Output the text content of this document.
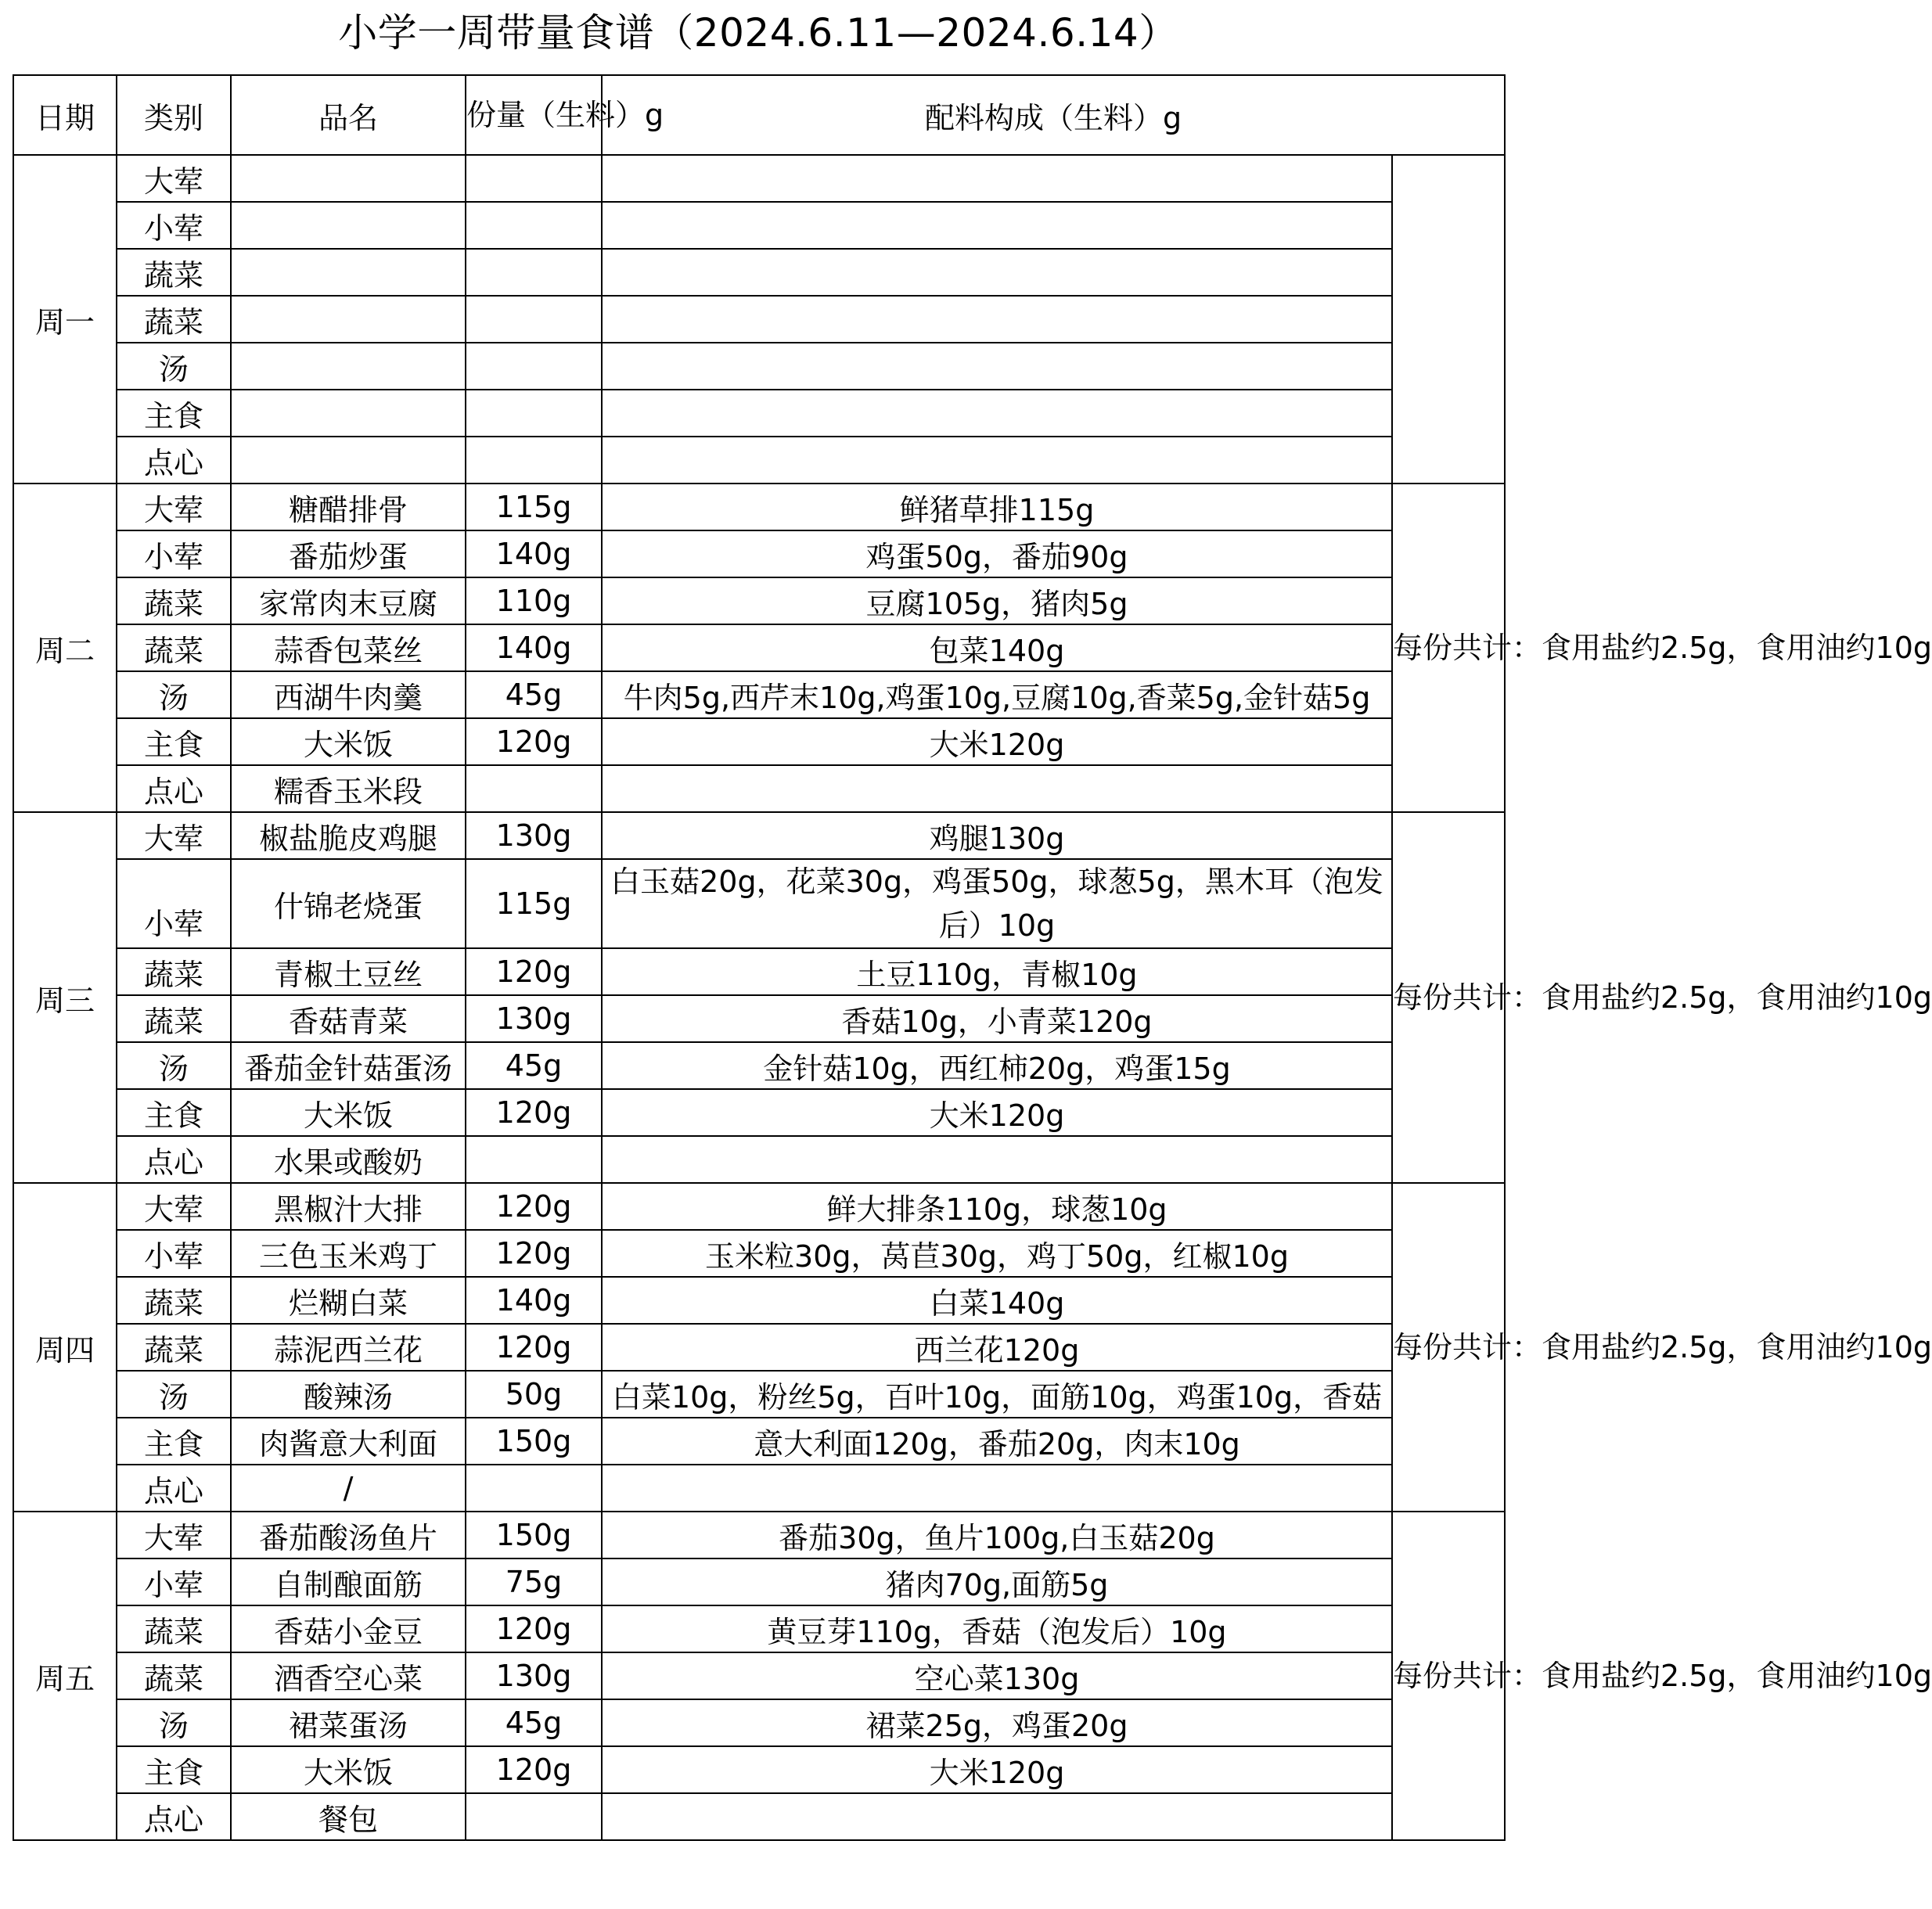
小学一周带量食谱（2024.6.11—2024.6.14）
日期	类别	品名	份量（生料）g	配料构成（生料）g	
周一	大荤				
	小荤				
	蔬菜				
	蔬菜				
	汤				
	主食				
	点心				
周二	大荤	糖醋排骨	115g	鲜猪草排115g	每份共计：食用盐约2.5g，食用油约10g
	小荤	番茄炒蛋	140g	鸡蛋50g，番茄90g	
	蔬菜	家常肉末豆腐	110g	豆腐105g，猪肉5g	
	蔬菜	蒜香包菜丝	140g	包菜140g	
	汤	西湖牛肉羹	45g	牛肉5g,西芹末10g,鸡蛋10g,豆腐10g,香菜5g,金针菇5g	
	主食	大米饭	120g	大米120g	
	点心	糯香玉米段			
周三	大荤	椒盐脆皮鸡腿	130g	鸡腿130g	每份共计：食用盐约2.5g，食用油约10g
	小荤	什锦老烧蛋	115g	白玉菇20g，花菜30g，鸡蛋50g，球葱5g，黑木耳（泡发后）10g	
	蔬菜	青椒土豆丝	120g	土豆110g，青椒10g	
	蔬菜	香菇青菜	130g	香菇10g，小青菜120g	
	汤	番茄金针菇蛋汤	45g	金针菇10g，西红柿20g，鸡蛋15g	
	主食	大米饭	120g	大米120g	
	点心	水果或酸奶			
周四	大荤	黑椒汁大排	120g	鲜大排条110g，球葱10g	每份共计：食用盐约2.5g，食用油约10g
	小荤	三色玉米鸡丁	120g	玉米粒30g，莴苣30g，鸡丁50g，红椒10g	
	蔬菜	烂糊白菜	140g	白菜140g	
	蔬菜	蒜泥西兰花	120g	西兰花120g	
	汤	酸辣汤	50g	白菜10g，粉丝5g，百叶10g，面筋10g，鸡蛋10g，香菇	
	主食	肉酱意大利面	150g	意大利面120g，番茄20g，肉末10g	
	点心	/			
周五	大荤	番茄酸汤鱼片	150g	番茄30g，鱼片100g,白玉菇20g	每份共计：食用盐约2.5g，食用油约10g
	小荤	自制酿面筋	75g	猪肉70g,面筋5g	
	蔬菜	香菇小金豆	120g	黄豆芽110g，香菇（泡发后）10g	
	蔬菜	酒香空心菜	130g	空心菜130g	
	汤	裙菜蛋汤	45g	裙菜25g，鸡蛋20g	
	主食	大米饭	120g	大米120g	
	点心	餐包			
